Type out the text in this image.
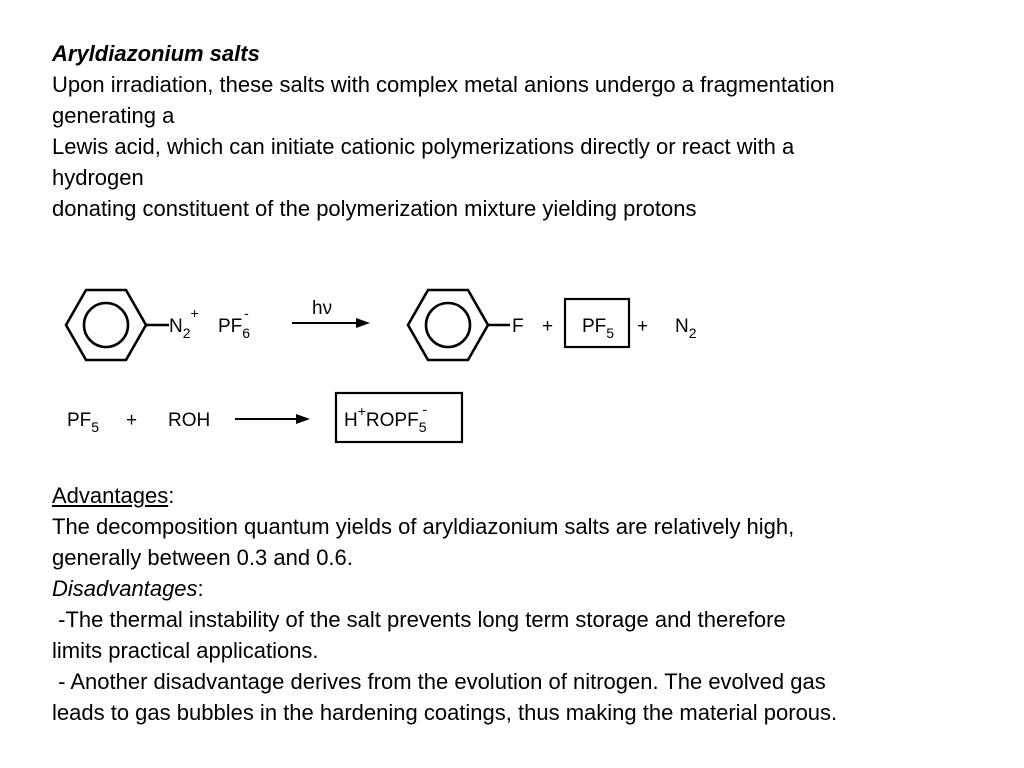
Aryldiazonium salts
Upon irradiation, these salts with complex metal anions undergo a fragmentation
generating a
Lewis acid, which can initiate cationic polymerizations directly or react with a
hydrogen
donating constituent of the polymerization mixture yielding protons
$N_2^+$
$PF_6-$	hν
$F + PF_5 + N_2$
$PF_5$ + ROH	$H^+ROPF_5-$
Advantages:
The decomposition quantum yields of aryldiazonium salts are relatively high,
generally between 0.3 and 0.6.
Disadvantages:
-The thermal instability of the salt prevents long term storage and therefore
limits practical applications.
- Another disadvantage derives from the evolution of nitrogen. The evolved gas
leads to gas bubbles in the hardening coatings, thus making the material porous.
